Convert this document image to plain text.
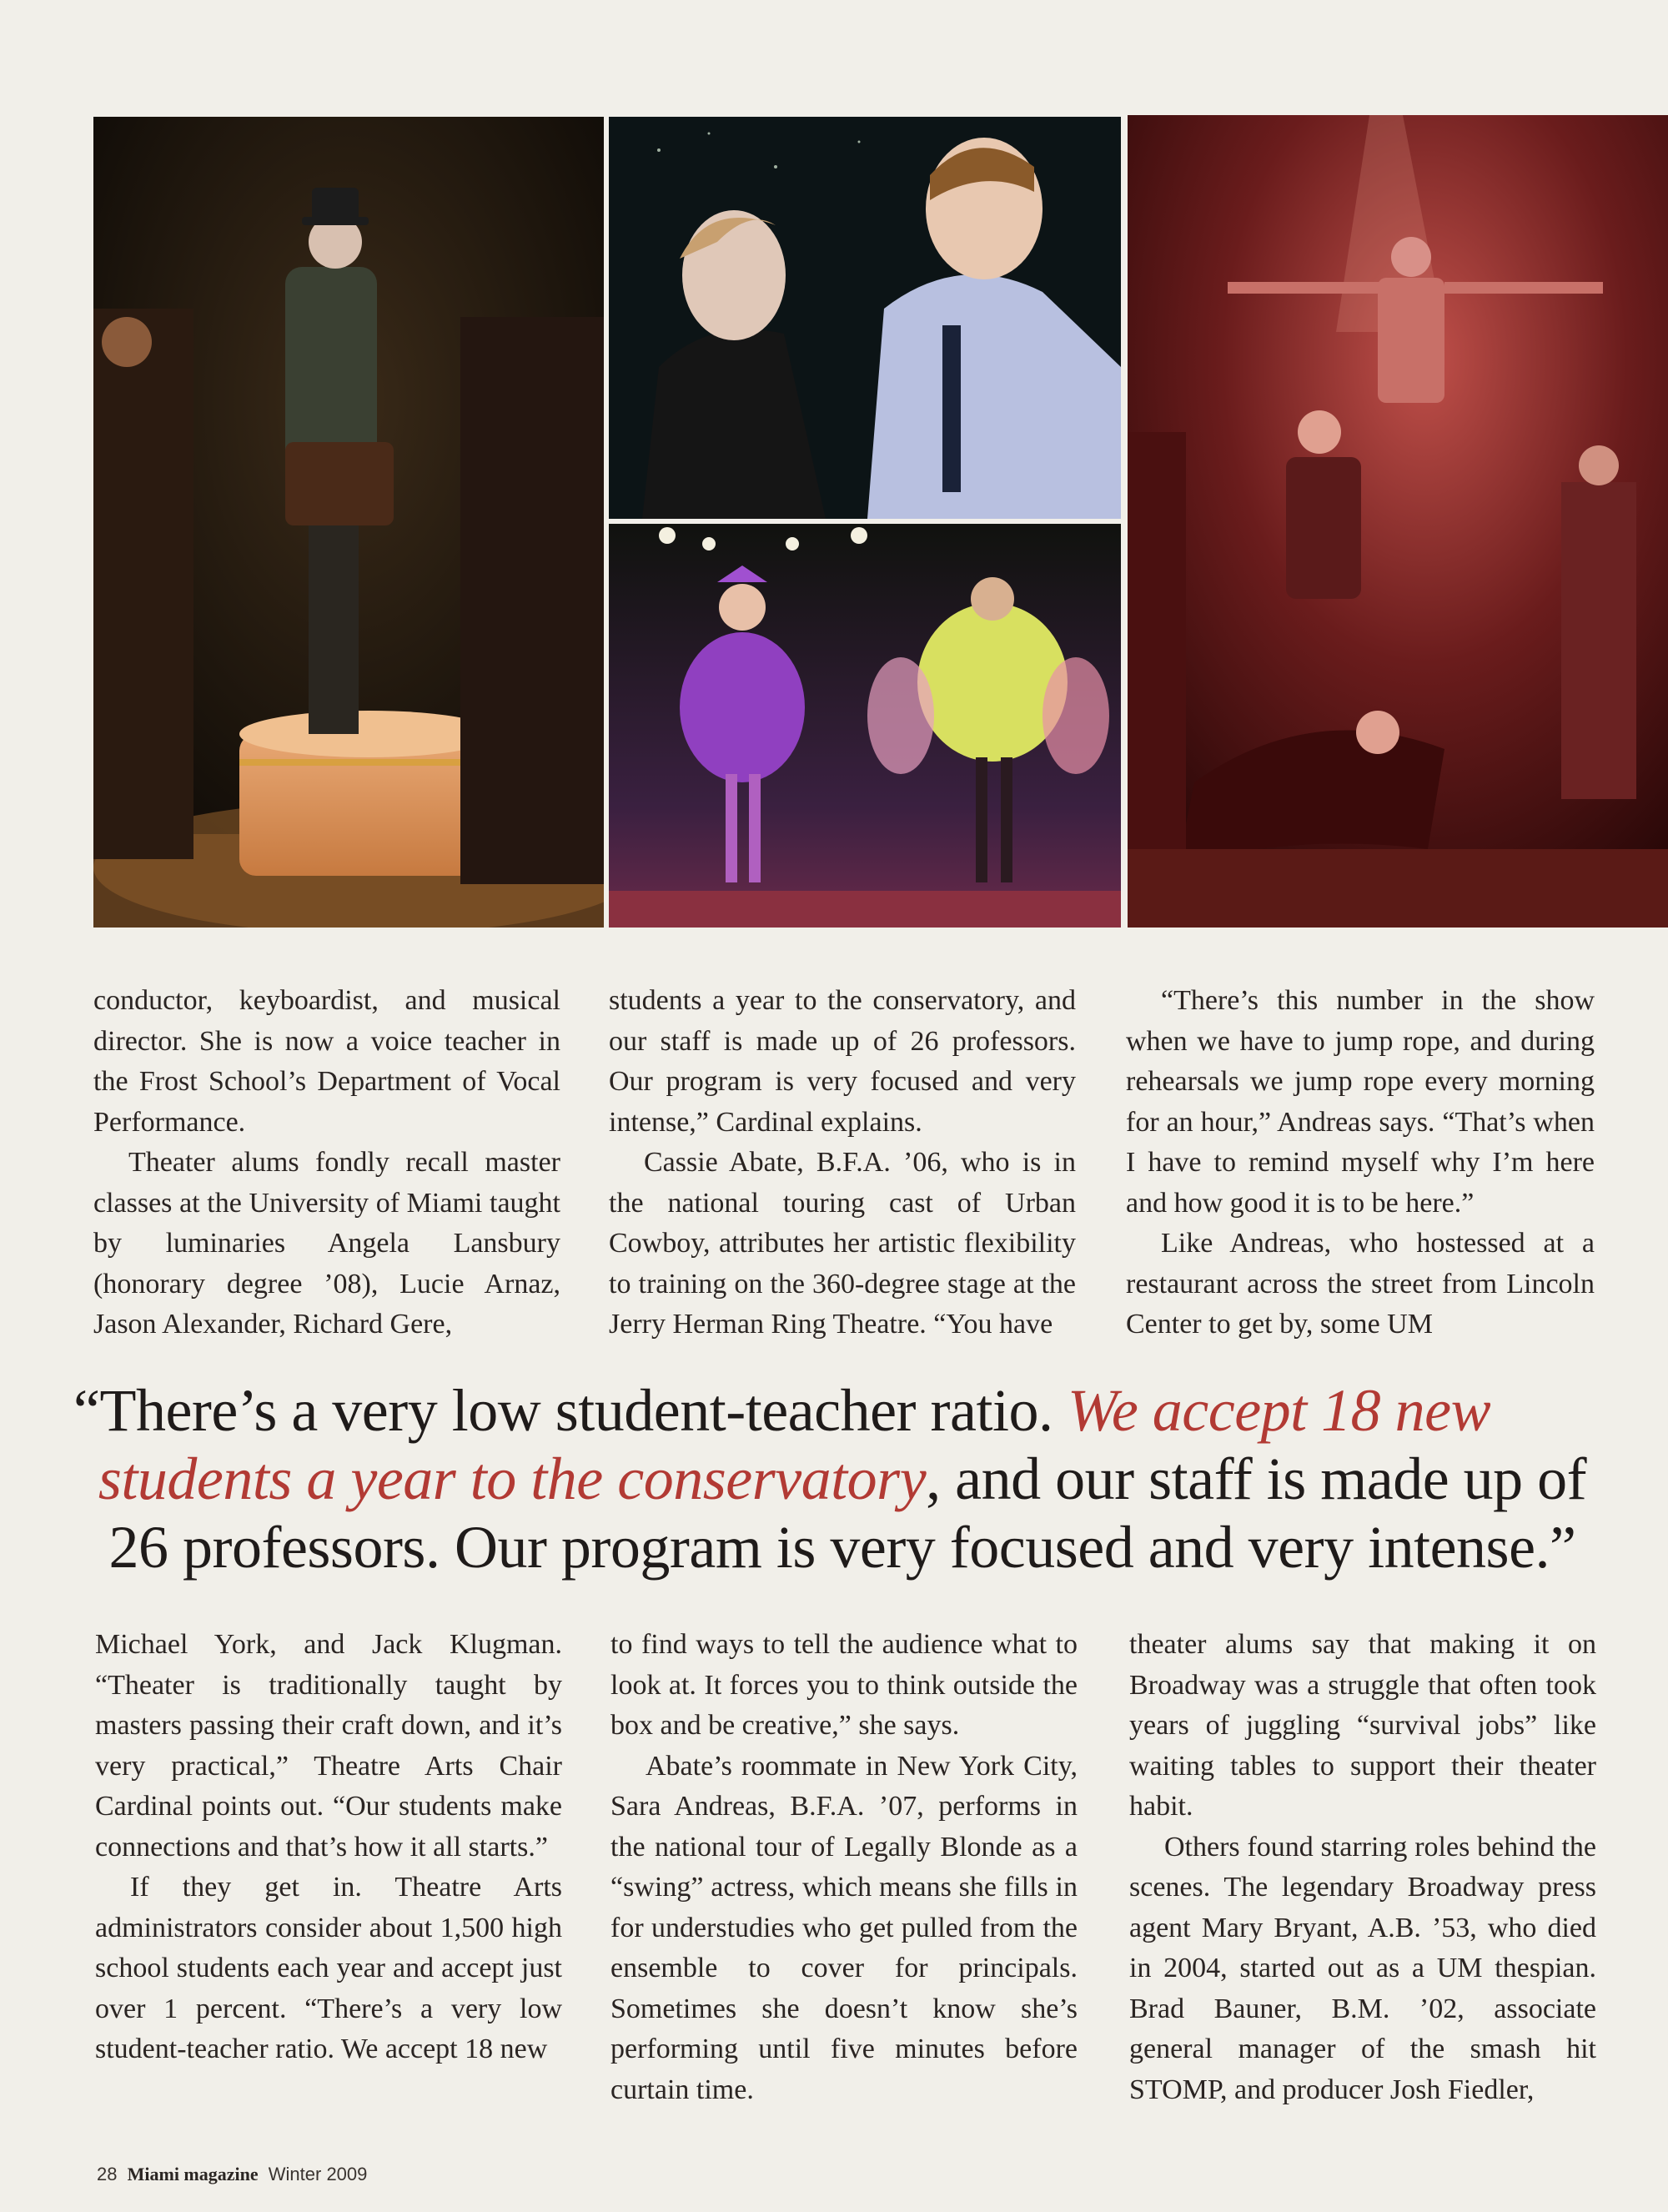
conductor, keyboardist, and musical director. She is now a voice teacher in the Frost School’s Department of Vocal Performance.

Theater alums fondly recall master classes at the University of Miami taught by luminaries Angela Lansbury (honorary degree ’08), Lucie Arnaz, Jason Alexander, Richard Gere,

students a year to the conservatory, and our staff is made up of 26 professors. Our program is very focused and very intense,” Cardinal explains.

Cassie Abate, B.F.A. ’06, who is in the national touring cast of Urban Cowboy, attributes her artistic flexibility to training on the 360-degree stage at the Jerry Herman Ring Theatre. “You have

“There’s this number in the show when we have to jump rope, and during rehearsals we jump rope every morning for an hour,” Andreas says. “That’s when I have to remind myself why I’m here and how good it is to be here.”

Like Andreas, who hostessed at a restaurant across the street from Lincoln Center to get by, some UM

“There’s a very low student-teacher ratio. We accept 18 new
students a year to the conservatory, and our staff is made up of
26 professors. Our program is very focused and very intense.”

Michael York, and Jack Klugman. “Theater is traditionally taught by masters passing their craft down, and it’s very practical,” Theatre Arts Chair Cardinal points out. “Our students make connections and that’s how it all starts.”

If they get in. Theatre Arts administrators consider about 1,500 high school students each year and accept just over 1 percent. “There’s a very low student-teacher ratio. We accept 18 new

to find ways to tell the audience what to look at. It forces you to think outside the box and be creative,” she says.

Abate’s roommate in New York City, Sara Andreas, B.F.A. ’07, performs in the national tour of Legally Blonde as a “swing” actress, which means she fills in for understudies who get pulled from the ensemble to cover for principals. Sometimes she doesn’t know she’s performing until five minutes before curtain time.

theater alums say that making it on Broadway was a struggle that often took years of juggling “survival jobs” like waiting tables to support their theater habit.

Others found starring roles behind the scenes. The legendary Broadway press agent Mary Bryant, A.B. ’53, who died in 2004, started out as a UM thespian. Brad Bauner, B.M. ’02, associate general manager of the smash hit STOMP, and producer Josh Fiedler,

28 Miami magazine Winter 2009
